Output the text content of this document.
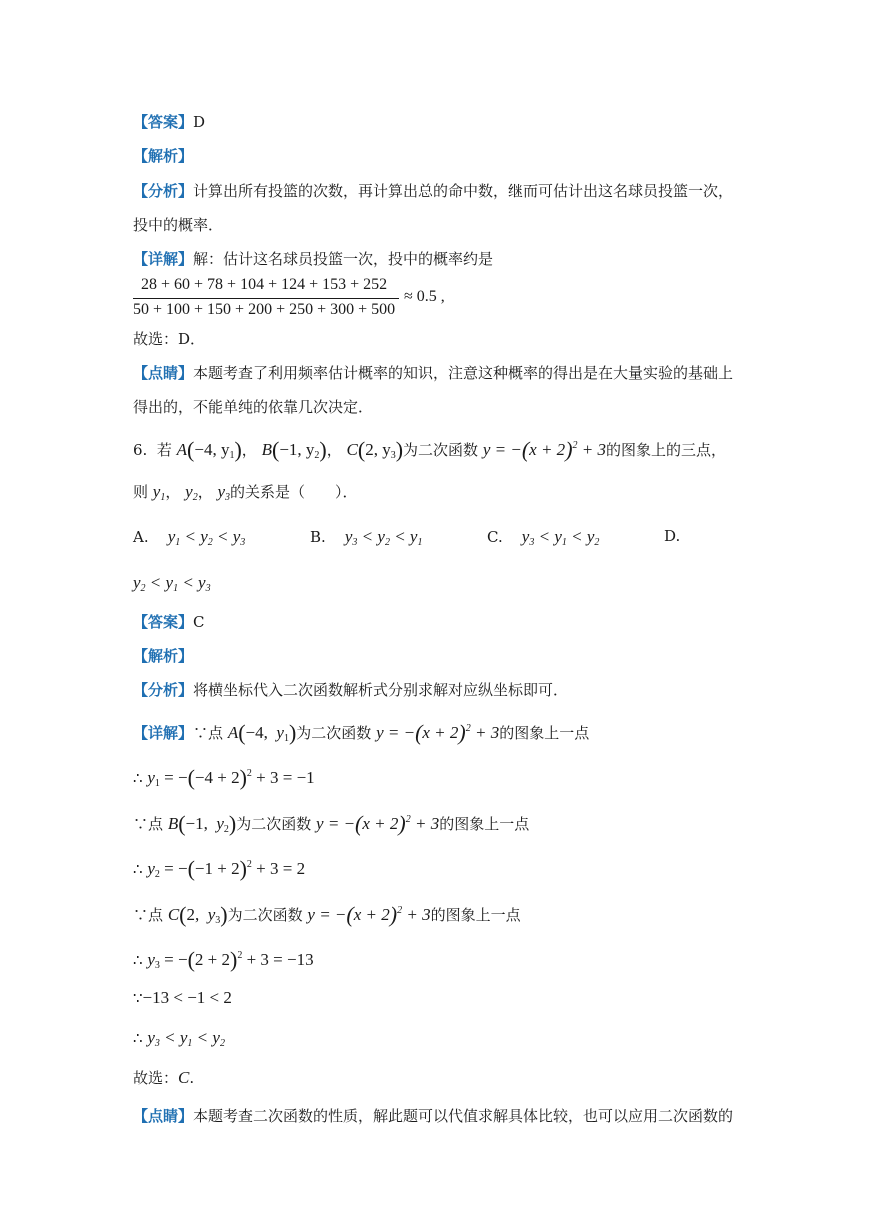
【答案】D
【解析】
【分析】计算出所有投篮的次数，再计算出总的命中数，继而可估计出这名球员投篮一次，
投中的概率．
【详解】解：估计这名球员投篮一次，投中的概率约是
28 + 60 + 78 + 104 + 124 + 153 + 252
50 + 100 + 150 + 200 + 250 + 300 + 500
≈ 0.5 ,
故选：D．
【点睛】本题考查了利用频率估计概率的知识，注意这种概率的得出是在大量实验的基础上
得出的，不能单纯的依靠几次决定．
6. 若 A(−4, $y_1$)， B(−1, $y_2$)， C(2, $y_3$)为二次函数 $y = -(x + 2)^2 + 3$的图象上的三点，
则 $y_1$， $y_2$， $y_3$的关系是（　　）．
A. $y_1 < y_2 < y_3$	B. $y_3 < y_2 < y_1$	C. $y_3 < y_1 < y_2$	D.
$y_2 < y_1 < y_3$
【答案】C
【解析】
【分析】将横坐标代入二次函数解析式分别求解对应纵坐标即可．
【详解】∵点 A(−4,  $y_1$)为二次函数 $y = -(x + 2)^2 + 3$的图象上一点
∴ $y_1 = -(-4 + 2)^2 + 3 = -1$
∵点 B(−1,  $y_2$)为二次函数 $y = -(x + 2)^2 + 3$的图象上一点
∴ $y_2 = -(-1 + 2)^2 + 3 = 2$
∵点 C(2,  $y_3$)为二次函数 $y = -(x + 2)^2 + 3$的图象上一点
∴ $y_3 = -(2 + 2)^2 + 3 = -13$
∵−13 < −1 < 2
∴ $y_3 < y_1 < y_2$
故选：C.
【点睛】本题考查二次函数的性质，解此题可以代值求解具体比较，也可以应用二次函数的
